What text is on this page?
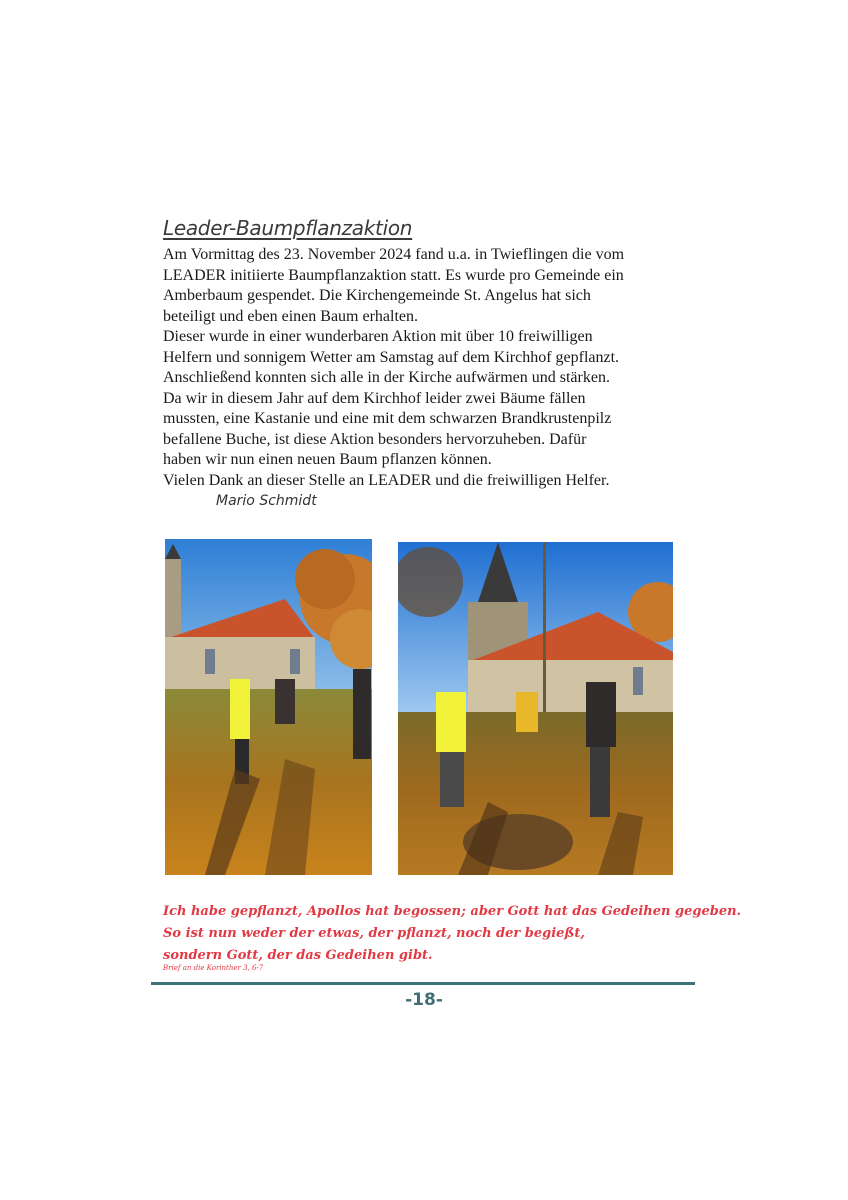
Leader-Baumpflanzaktion
Am Vormittag des 23. November 2024 fand u.a. in Twieflingen die vom
LEADER initiierte Baumpflanzaktion statt. Es wurde pro Gemeinde ein
Amberbaum gespendet. Die Kirchengemeinde St. Angelus hat sich
beteiligt und eben einen Baum erhalten.
Dieser wurde in einer wunderbaren Aktion mit über 10 freiwilligen
Helfern und sonnigem Wetter am Samstag auf dem Kirchhof gepflanzt.
Anschließend konnten sich alle in der Kirche aufwärmen und stärken.
Da wir in diesem Jahr auf dem Kirchhof leider zwei Bäume fällen
mussten, eine Kastanie und eine mit dem schwarzen Brandkrustenpilz
befallene Buche, ist diese Aktion besonders hervorzuheben. Dafür
haben wir nun einen neuen Baum pflanzen können.
Vielen Dank an dieser Stelle an LEADER und die freiwilligen Helfer.
Mario Schmidt
Ich habe gepflanzt, Apollos hat begossen; aber Gott hat das Gedeihen gegeben.
So ist nun weder der etwas, der pflanzt, noch der begießt,
sondern Gott, der das Gedeihen gibt.
Brief an die Korinther 3, 6-7
-18-
